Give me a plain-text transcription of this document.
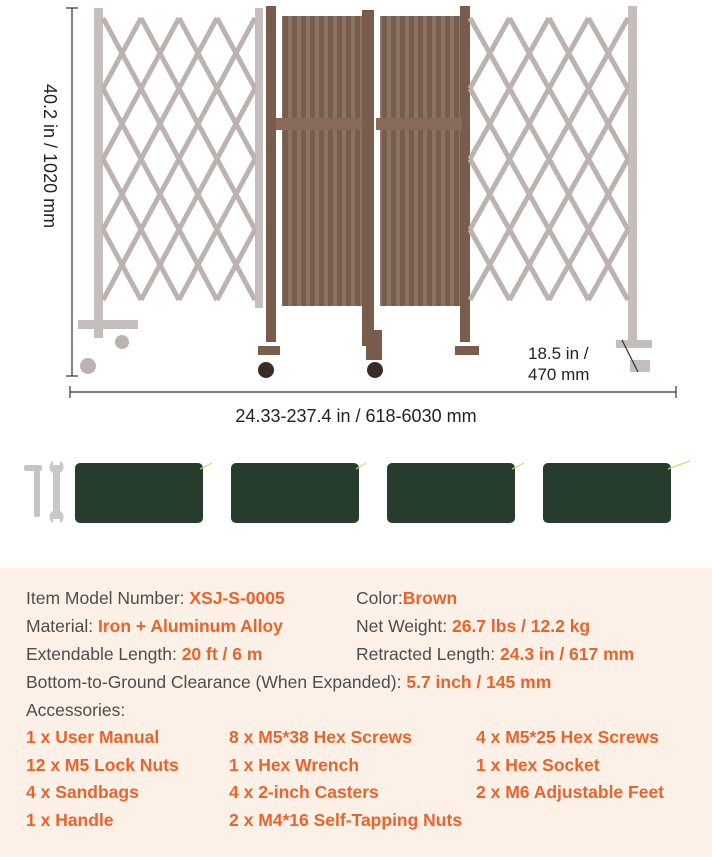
40.2 in / 1020 mm
24.33-237.4 in / 618-6030 mm
18.5 in /
470 mm
Item Model Number: XSJ-S-0005	Color:Brown
Material: Iron + Aluminum Alloy	Net Weight: 26.7 lbs / 12.2 kg
Extendable Length: 20 ft / 6 m	Retracted Length: 24.3 in / 617 mm
Bottom-to-Ground Clearance (When Expanded): 5.7 inch / 145 mm
Accessories:
1 x User Manual	8 x M5*38 Hex Screws	4 x M5*25 Hex Screws
12 x M5 Lock Nuts	1 x Hex Wrench	1 x Hex Socket
4 x Sandbags	4 x 2-inch Casters	2 x M6 Adjustable Feet
1 x Handle	2 x M4*16 Self-Tapping Nuts
